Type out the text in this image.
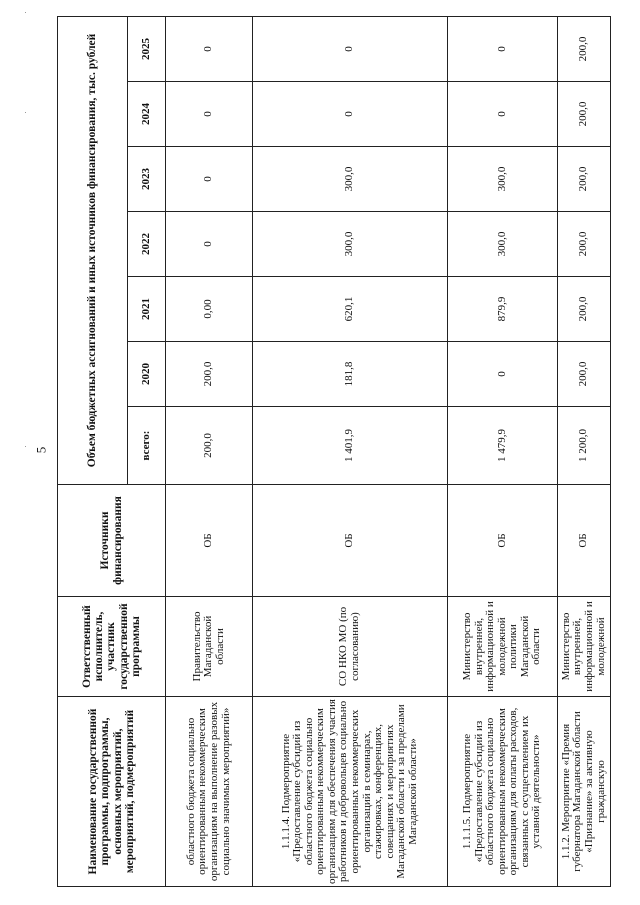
5
Наименование государственной программы, подпрограммы, основных мероприятий, мероприятий, подмероприятий	Ответственный исполнитель, участник государственной программы	Источники финансирования	Объем бюджетных ассигнований и иных источников финансирования, тыс. рублей						
			всего:	2020	2021	2022	2023	2024	2025
областного бюджета социально ориентированным некоммерческим организациям на выполнение разовых социально значимых мероприятий»	Правительство Магаданской области	ОБ	200,0	200,0	0,00	0	0	0	0
1.1.1.4. Подмероприятие «Предоставление субсидий из областного бюджета социально ориентированным некоммерческим организациям для обеспечения участия работников и добровольцев социально ориентированных некоммерческих организаций в семинарах, стажировках, конференциях, совещаниях и мероприятиях Магаданской области и за пределами Магаданской области»	СО НКО МО (по согласованию)	ОБ	1 401,9	181,8	620,1	300,0	300,0	0	0
1.1.1.5. Подмероприятие «Предоставление субсидий из областного бюджета социально ориентированным некоммерческим организациям для оплаты расходов, связанных с осуществлением их уставной деятельности»	Министерство внутренней, информационной и молодежной политики Магаданской области	ОБ	1 479,9	0	879,9	300,0	300,0	0	0
1.1.2. Мероприятие «Премия губернатора Магаданской области «Признание» за активную гражданскую	Министерство внутренней, информационной и молодежной	ОБ	1 200,0	200,0	200,0	200,0	200,0	200,0	200,0
